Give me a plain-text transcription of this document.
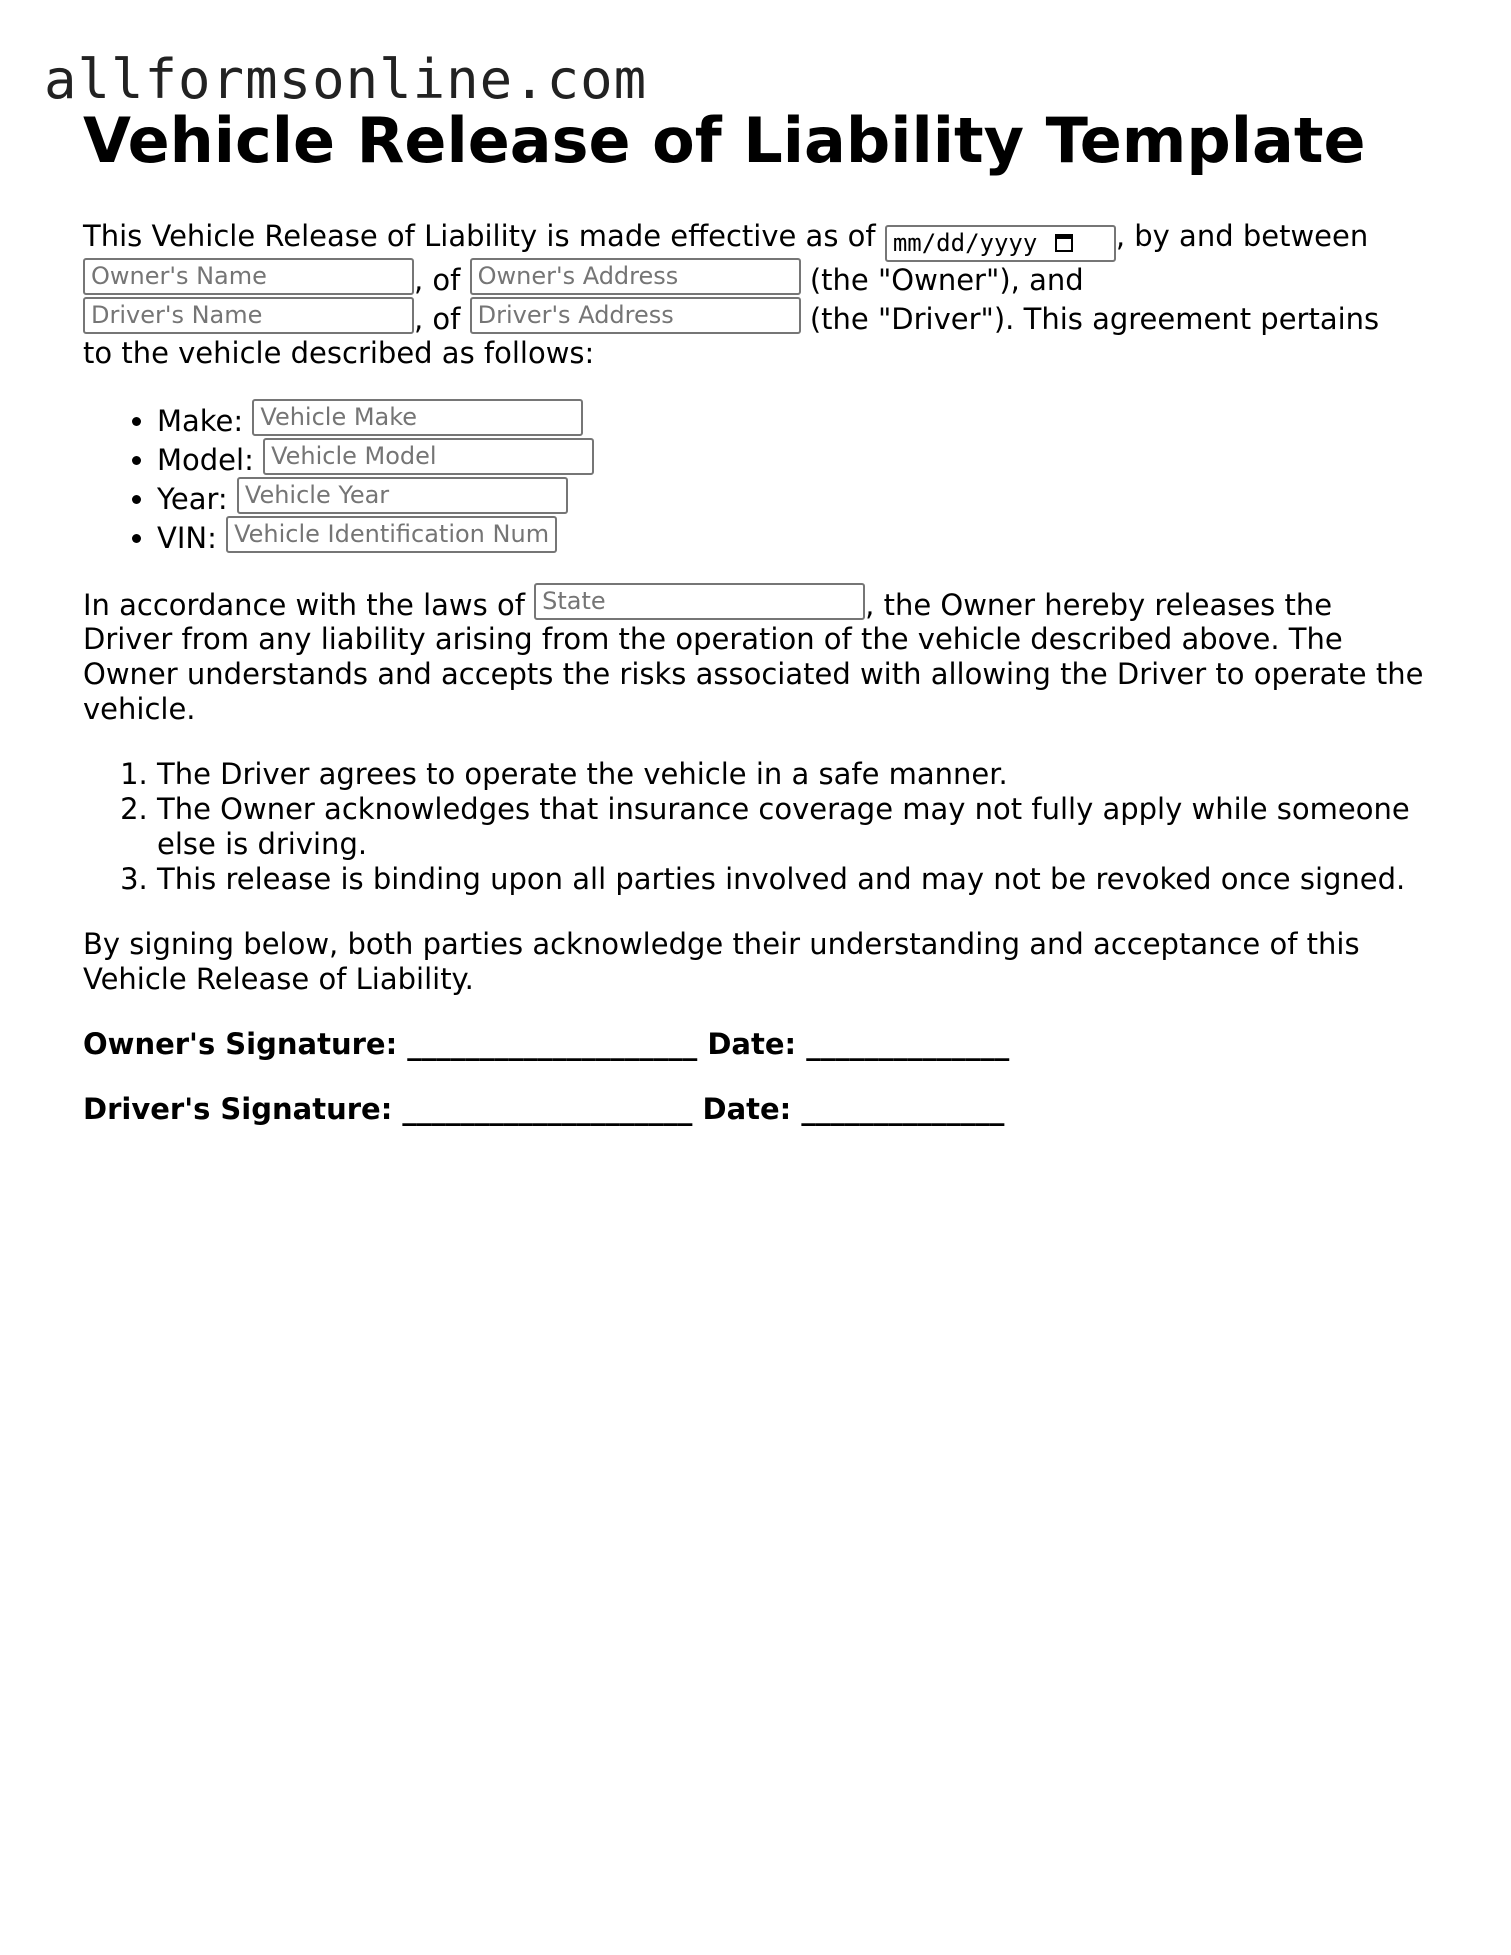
allformsonline.com
Vehicle Release of Liability Template

This Vehicle Release of Liability is made effective as of mm/dd/yyyy	, by and between
Owner's Name	, of Owner's Address	(the "Owner"), and
Driver's Name	, of Driver's Address	(the "Driver"). This agreement pertains
to the vehicle described as follows:

• Make: Vehicle Make
• Model: Vehicle Model
• Year: Vehicle Year
• VIN: Vehicle Identification Num

In accordance with the laws of State	, the Owner hereby releases the
Driver from any liability arising from the operation of the vehicle described above. The Owner understands and accepts the risks associated with allowing the Driver to operate the vehicle.

1. The Driver agrees to operate the vehicle in a safe manner.
2. The Owner acknowledges that insurance coverage may not fully apply while someone else is driving.
3. This release is binding upon all parties involved and may not be revoked once signed.

By signing below, both parties acknowledge their understanding and acceptance of this Vehicle Release of Liability.

Owner's Signature: ____________________ Date: ______________

Driver's Signature: ____________________ Date: ______________
